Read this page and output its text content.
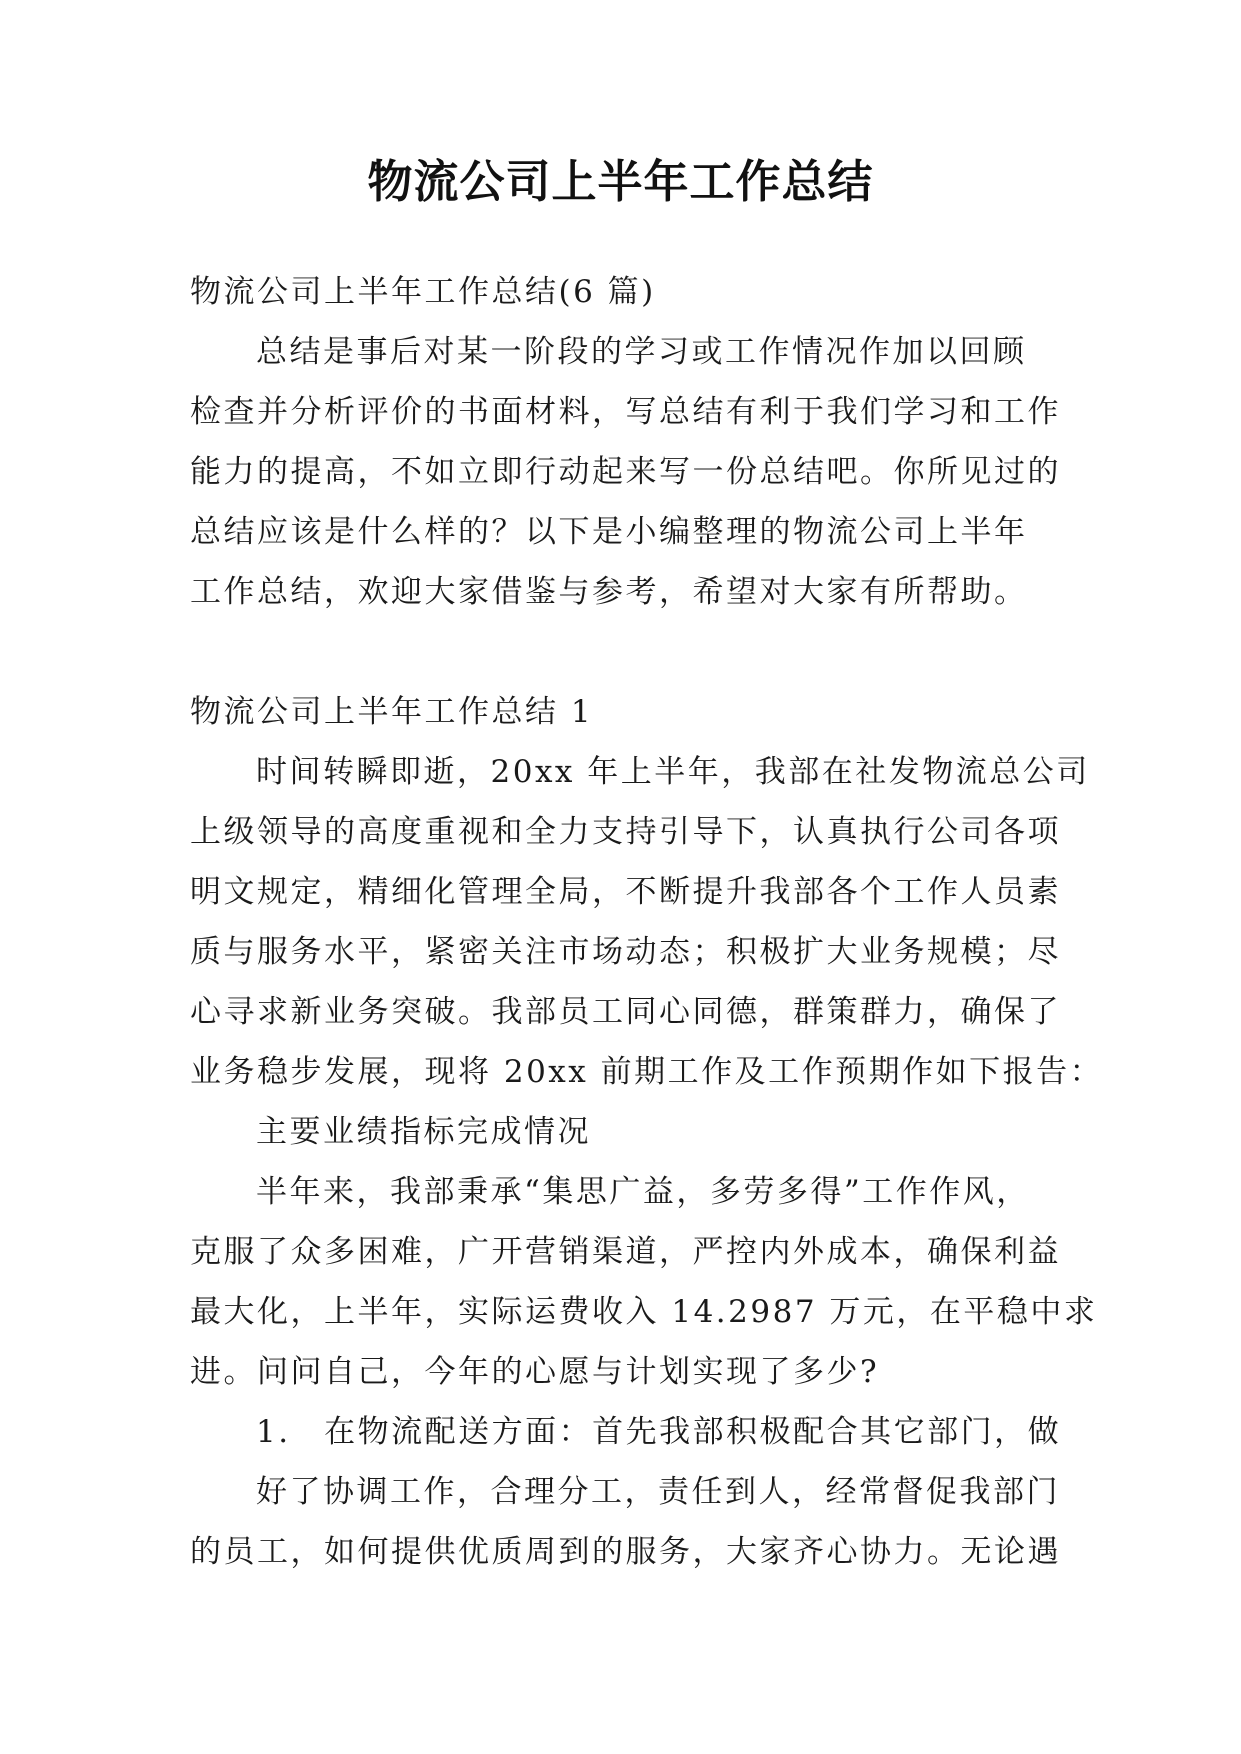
物流公司上半年工作总结
物流公司上半年工作总结(6 篇)
总结是事后对某一阶段的学习或工作情况作加以回顾
检查并分析评价的书面材料，写总结有利于我们学习和工作
能力的提高，不如立即行动起来写一份总结吧。你所见过的
总结应该是什么样的？以下是小编整理的物流公司上半年
工作总结，欢迎大家借鉴与参考，希望对大家有所帮助。
物流公司上半年工作总结 1
时间转瞬即逝，20xx 年上半年，我部在社发物流总公司
上级领导的高度重视和全力支持引导下，认真执行公司各项
明文规定，精细化管理全局，不断提升我部各个工作人员素
质与服务水平，紧密关注市场动态；积极扩大业务规模；尽
心寻求新业务突破。我部员工同心同德，群策群力，确保了
业务稳步发展，现将 20xx 前期工作及工作预期作如下报告：
主要业绩指标完成情况
半年来，我部秉承“集思广益，多劳多得”工作作风，
克服了众多困难，广开营销渠道，严控内外成本，确保利益
最大化，上半年，实际运费收入 14.2987 万元，在平稳中求
进。问问自己，今年的心愿与计划实现了多少?
1.　在物流配送方面：首先我部积极配合其它部门，做
好了协调工作，合理分工，责任到人，经常督促我部门
的员工，如何提供优质周到的服务，大家齐心协力。无论遇
